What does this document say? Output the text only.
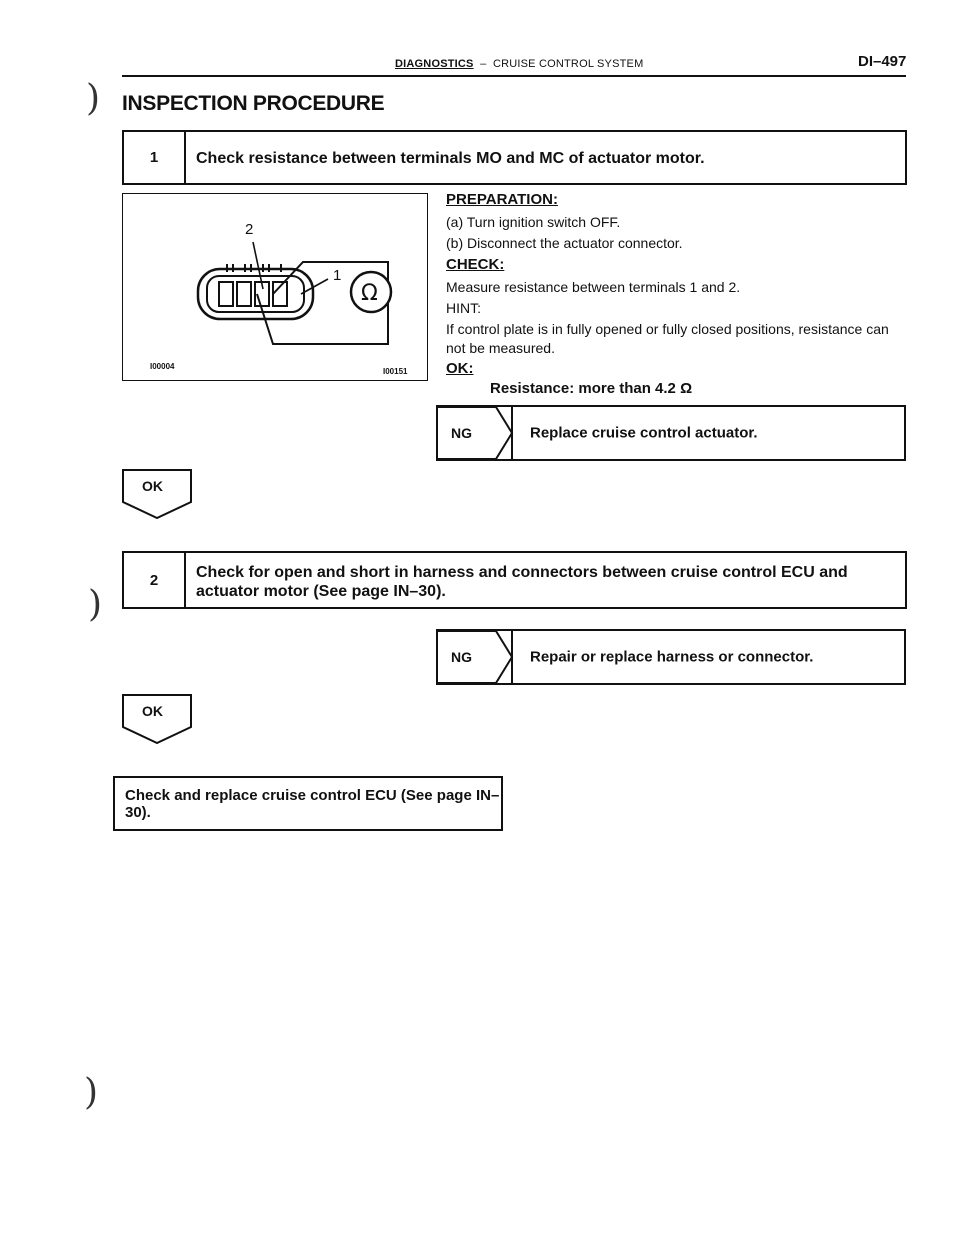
)
)
)
DIAGNOSTICS – CRUISE CONTROL SYSTEM	DI–497
INSPECTION PROCEDURE
1	Check resistance between terminals MO and MC of actuator motor.
Ω
2
1
I00004
I00151
PREPARATION:
(a) Turn ignition switch OFF.
(b) Disconnect the actuator connector.
CHECK:
Measure resistance between terminals 1 and 2.
HINT:
If control plate is in fully opened or fully closed positions, resistance can not be measured.
OK:
Resistance: more than 4.2 Ω
NG	Replace cruise control actuator.
OK
2	Check for open and short in harness and connectors between cruise control ECU and actuator motor (See page IN–30).
NG	Repair or replace harness or connector.
OK
Check and replace cruise control ECU (See page IN–30).
